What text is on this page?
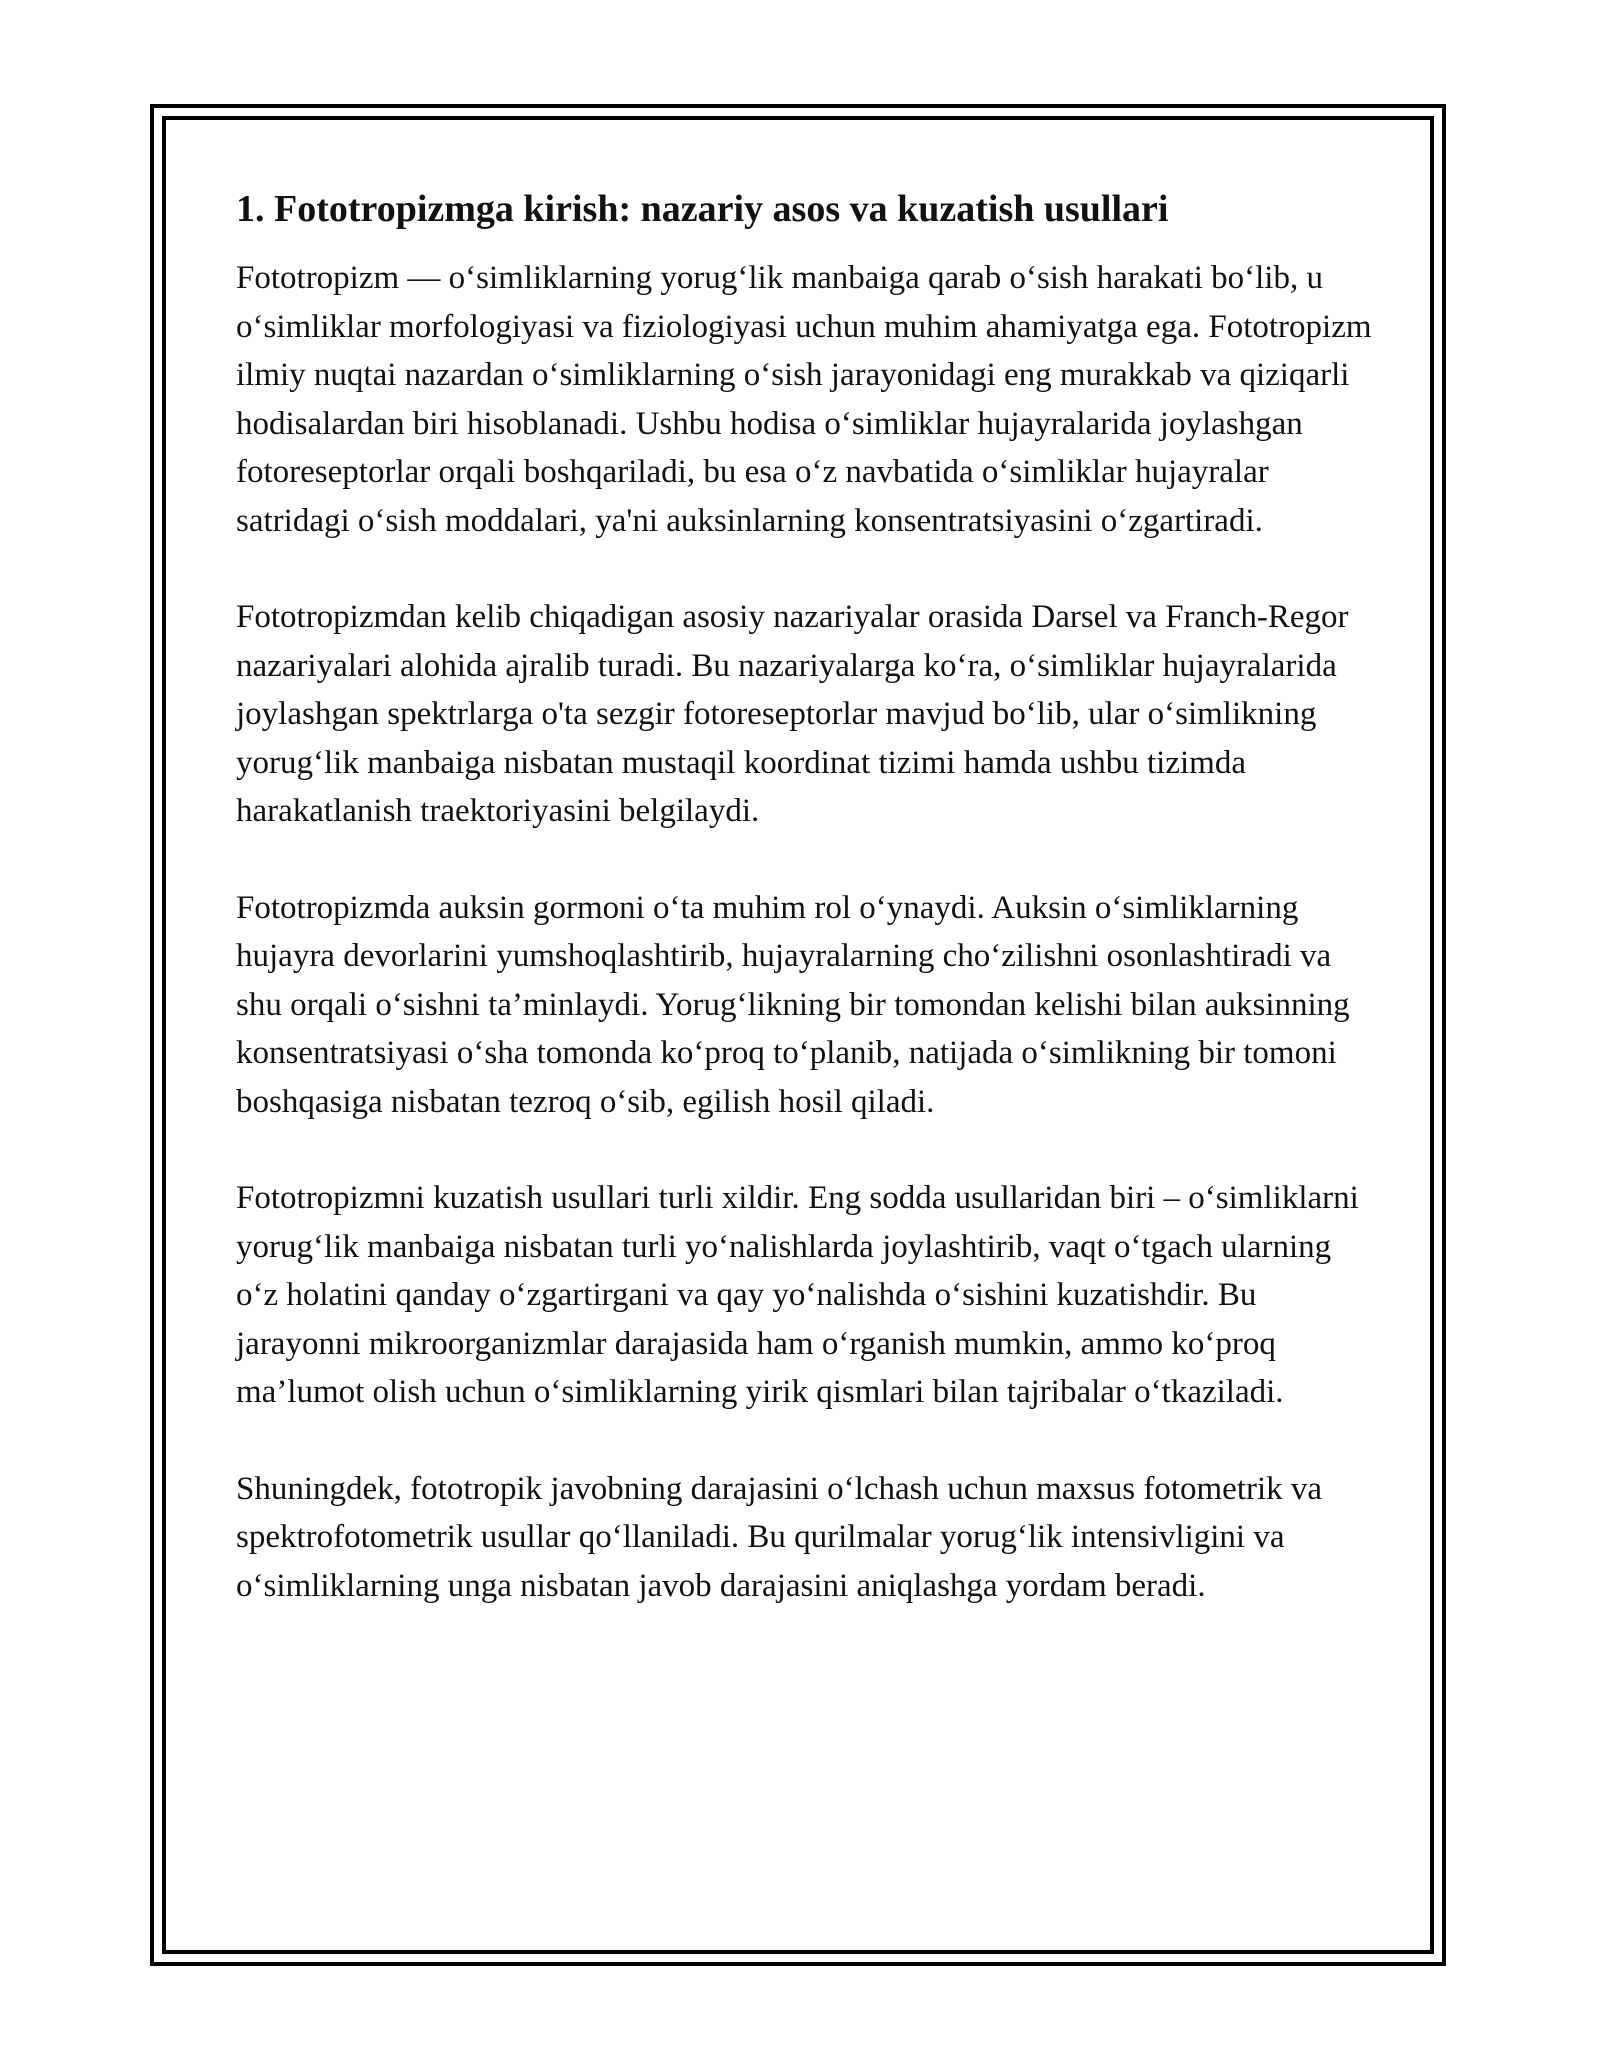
1. Fototropizmga kirish: nazariy asos va kuzatish usullari

Fototropizm — o‘simliklarning yorug‘lik manbaiga qarab o‘sish harakati bo‘lib, u o‘simliklar morfologiyasi va fiziologiyasi uchun muhim ahamiyatga ega. Fototropizm ilmiy nuqtai nazardan o‘simliklarning o‘sish jarayonidagi eng murakkab va qiziqarli hodisalardan biri hisoblanadi. Ushbu hodisa o‘simliklar hujayralarida joylashgan fotoreseptorlar orqali boshqariladi, bu esa o‘z navbatida o‘simliklar hujayralar satridagi o‘sish moddalari, ya'ni auksinlarning konsentratsiyasini o‘zgartiradi.

Fototropizmdan kelib chiqadigan asosiy nazariyalar orasida Darsel va Franch-Regor nazariyalari alohida ajralib turadi. Bu nazariyalarga ko‘ra, o‘simliklar hujayralarida joylashgan spektrlarga o'ta sezgir fotoreseptorlar mavjud bo‘lib, ular o‘simlikning yorug‘lik manbaiga nisbatan mustaqil koordinat tizimi hamda ushbu tizimda harakatlanish traektoriyasini belgilaydi.

Fototropizmda auksin gormoni o‘ta muhim rol o‘ynaydi. Auksin o‘simliklarning hujayra devorlarini yumshoqlashtirib, hujayralarning cho‘zilishni osonlashtiradi va shu orqali o‘sishni ta’minlaydi. Yorug‘likning bir tomondan kelishi bilan auksinning konsentratsiyasi o‘sha tomonda ko‘proq to‘planib, natijada o‘simlikning bir tomoni boshqasiga nisbatan tezroq o‘sib, egilish hosil qiladi.

Fototropizmni kuzatish usullari turli xildir. Eng sodda usullaridan biri – o‘simliklarni yorug‘lik manbaiga nisbatan turli yo‘nalishlarda joylashtirib, vaqt o‘tgach ularning o‘z holatini qanday o‘zgartirgani va qay yo‘nalishda o‘sishini kuzatishdir. Bu jarayonni mikroorganizmlar darajasida ham o‘rganish mumkin, ammo ko‘proq ma’lumot olish uchun o‘simliklarning yirik qismlari bilan tajribalar o‘tkaziladi.

Shuningdek, fototropik javobning darajasini o‘lchash uchun maxsus fotometrik va spektrofotometrik usullar qo‘llaniladi. Bu qurilmalar yorug‘lik intensivligini va o‘simliklarning unga nisbatan javob darajasini aniqlashga yordam beradi.
